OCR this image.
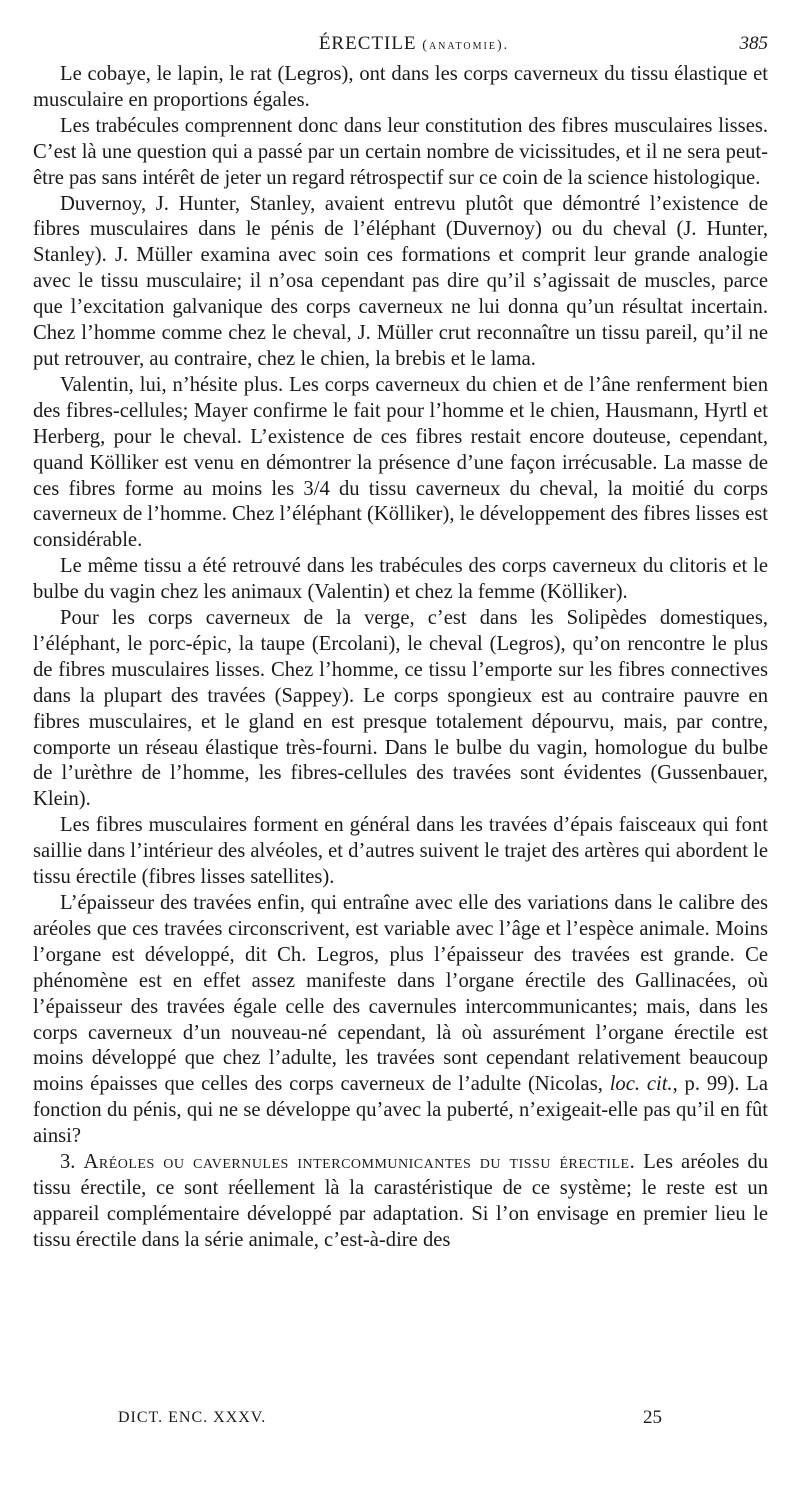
ÉRECTILE (anatomie).	385

Le cobaye, le lapin, le rat (Legros), ont dans les corps caverneux du tissu élastique et musculaire en proportions égales.

Les trabécules comprennent donc dans leur constitution des fibres musculaires lisses. C’est là une question qui a passé par un certain nombre de vicissitudes, et il ne sera peut-être pas sans intérêt de jeter un regard rétrospectif sur ce coin de la science histologique.

Duvernoy, J. Hunter, Stanley, avaient entrevu plutôt que démontré l’existence de fibres musculaires dans le pénis de l’éléphant (Duvernoy) ou du cheval (J. Hunter, Stanley). J. Müller examina avec soin ces formations et comprit leur grande analogie avec le tissu musculaire; il n’osa cependant pas dire qu’il s’agissait de muscles, parce que l’excitation galvanique des corps caverneux ne lui donna qu’un résultat incertain. Chez l’homme comme chez le cheval, J. Müller crut reconnaître un tissu pareil, qu’il ne put retrouver, au contraire, chez le chien, la brebis et le lama.

Valentin, lui, n’hésite plus. Les corps caverneux du chien et de l’âne renferment bien des fibres-cellules; Mayer confirme le fait pour l’homme et le chien, Hausmann, Hyrtl et Herberg, pour le cheval. L’existence de ces fibres restait encore douteuse, cependant, quand Kölliker est venu en démontrer la présence d’une façon irrécusable. La masse de ces fibres forme au moins les 3/4 du tissu caverneux du cheval, la moitié du corps caverneux de l’homme. Chez l’éléphant (Kölliker), le développement des fibres lisses est considérable.

Le même tissu a été retrouvé dans les trabécules des corps caverneux du clitoris et le bulbe du vagin chez les animaux (Valentin) et chez la femme (Kölliker).

Pour les corps caverneux de la verge, c’est dans les Solipèdes domestiques, l’éléphant, le porc-épic, la taupe (Ercolani), le cheval (Legros), qu’on rencontre le plus de fibres musculaires lisses. Chez l’homme, ce tissu l’emporte sur les fibres connectives dans la plupart des travées (Sappey). Le corps spongieux est au contraire pauvre en fibres musculaires, et le gland en est presque totalement dépourvu, mais, par contre, comporte un réseau élastique très-fourni. Dans le bulbe du vagin, homologue du bulbe de l’urèthre de l’homme, les fibres-cellules des travées sont évidentes (Gussenbauer, Klein).

Les fibres musculaires forment en général dans les travées d’épais faisceaux qui font saillie dans l’intérieur des alvéoles, et d’autres suivent le trajet des artères qui abordent le tissu érectile (fibres lisses satellites).

L’épaisseur des travées enfin, qui entraîne avec elle des variations dans le calibre des aréoles que ces travées circonscrivent, est variable avec l’âge et l’espèce animale. Moins l’organe est développé, dit Ch. Legros, plus l’épaisseur des travées est grande. Ce phénomène est en effet assez manifeste dans l’organe érectile des Gallinacées, où l’épaisseur des travées égale celle des cavernules intercommunicantes; mais, dans les corps caverneux d’un nouveau-né cependant, là où assurément l’organe érectile est moins développé que chez l’adulte, les travées sont cependant relativement beaucoup moins épaisses que celles des corps caverneux de l’adulte (Nicolas, loc. cit., p. 99). La fonction du pénis, qui ne se développe qu’avec la puberté, n’exigeait-elle pas qu’il en fût ainsi?

3. Aréoles ou cavernules intercommunicantes du tissu érectile. Les aréoles du tissu érectile, ce sont réellement là la carastéristique de ce système; le reste est un appareil complémentaire développé par adaptation. Si l’on envisage en premier lieu le tissu érectile dans la série animale, c’est-à-dire des

DICT. ENC. XXXV.	25
